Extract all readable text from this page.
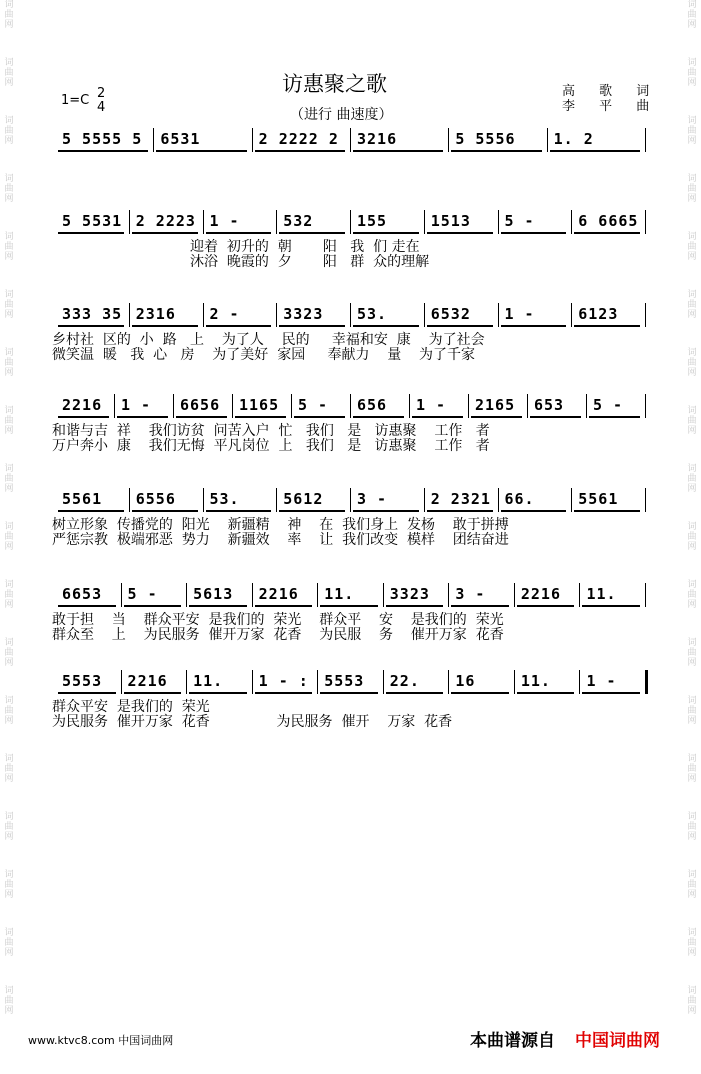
词
曲
网
词
曲
网
词
曲
网
词
曲
网
词
曲
网
词
曲
网
词
曲
网
词
曲
网
词
曲
网
词
曲
网
词
曲
网
词
曲
网
词
曲
网
词
曲
网
词
曲
网
词
曲
网
词
曲
网
词
曲
网
词
曲
网
词
曲
网
词
曲
网
词
曲
网
词
曲
网
词
曲
网
词
曲
网
词
曲
网
词
曲
网
词
曲
网
词
曲
网
词
曲
网
词
曲
网
词
曲
网
词
曲
网
词
曲
网
词
曲
网
词
曲
网
访惠聚之歌
（进行 曲速度）
1=C 2
4
高 歌 词
李 平 曲
5 5555 5	6531	2 2222 2	3216	5 5556	1. 2
5 5531 2 2223 1 -	532	155	1513	5 -	6 6665
迎着  初升的  朝       阳   我  们 走在
沐浴  晚霞的  夕       阳   群  众的理解
333 35 2316	2 -	3323	53.	6532	1 -	6123
乡村社  区的  小  路   上    为了人    民的     幸福和安  康    为了社会
微笑温  暖   我  心   房    为了美好  家园     奉献力    量    为了千家
2216	1 -	6656	1165	5 -	656	1 -	2165	653	5 -
和谐与吉  祥    我们访贫  问苦入户  忙   我们   是   访惠聚    工作   者
万户奔小  康    我们无悔  平凡岗位  上   我们   是   访惠聚    工作   者
5561	6556	53.	5612	3 -	2 2321 66.	5561
树立形象  传播党的  阳光    新疆精    神    在  我们身上  发杨    敢于拼搏
严惩宗教  极端邪恶  势力    新疆效    率    让  我们改变  模样    团结奋进
6653	5 -	5613	2216	11.	3323	3 -	2216	11.
敢于担    当    群众平安  是我们的  荣光    群众平    安    是我们的  荣光
群众至    上    为民服务  催开万家  花香    为民服    务    催开万家  花香
5553	2216	11.	1 - : 5553	22.	16	11.	1 -
群众平安  是我们的  荣光
为民服务  催开万家  花香               为民服务  催开    万家  花香
www.ktvc8.com 中国词曲网	本曲谱源自 中国词曲网
